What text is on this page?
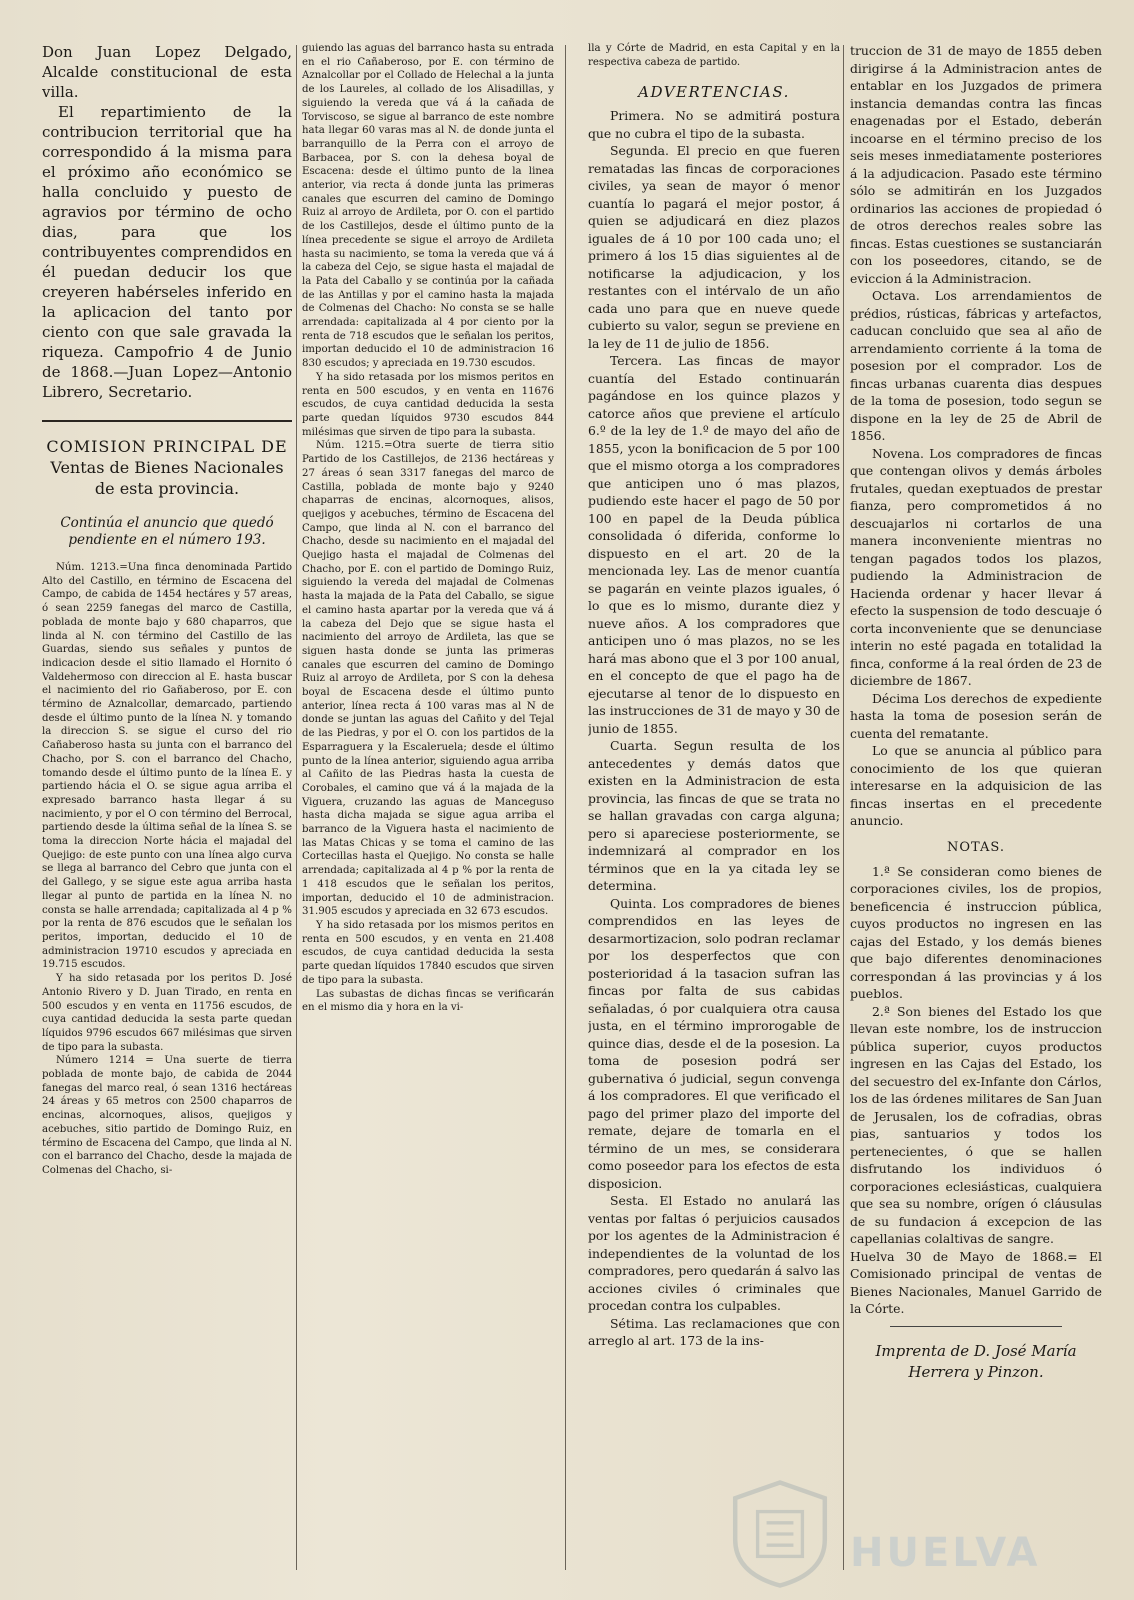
Don Juan Lopez Delgado, Alcalde constitucional de esta villa.

El repartimiento de la contribucion territorial que ha correspondido á la misma para el próximo año económico se halla concluido y puesto de agravios por término de ocho dias, para que los contribuyentes comprendidos en él puedan deducir los que creyeren habérseles inferido en la aplicacion del tanto por ciento con que sale gravada la riqueza. Campofrio 4 de Junio de 1868.—Juan Lopez—Antonio Librero, Secretario.

COMISION PRINCIPAL DE

Ventas de Bienes Nacionales

de esta provincia.

Continúa el anuncio que quedó pendiente en el número 193.

Núm. 1213.=Una finca denominada Partido Alto del Castillo, en término de Escacena del Campo, de cabida de 1454 hectáres y 57 areas, ó sean 2259 fanegas del marco de Castilla, poblada de monte bajo y 680 chaparros, que linda al N. con término del Castillo de las Guardas, siendo sus señales y puntos de indicacion desde el sitio llamado el Hornito ó Valdehermoso con direccion al E. hasta buscar el nacimiento del rio Gañaberoso, por E. con término de Aznalcollar, demarcado, partiendo desde el último punto de la línea N. y tomando la direccion S. se sigue el curso del rio Cañaberoso hasta su junta con el barranco del Chacho, por S. con el barranco del Chacho, tomando desde el último punto de la línea E. y partiendo hácia el O. se sigue agua arriba el expresado barranco hasta llegar á su nacimiento, y por el O con término del Berrocal, partiendo desde la última señal de la línea S. se toma la direccion Norte hácia el majadal del Quejigo: de este punto con una línea algo curva se llega al barranco del Cebro que junta con el del Gallego, y se sigue este agua arriba hasta llegar al punto de partida en la línea N. no consta se halle arrendada; capitalizada al 4 p % por la renta de 876 escudos que le señalan los peritos, importan, deducido el 10 de administracion 19710 escudos y apreciada en 19.715 escudos.

Y ha sido retasada por los peritos D. José Antonio Rivero y D. Juan Tirado, en renta en 500 escudos y en venta en 11756 escudos, de cuya cantidad deducida la sesta parte quedan líquidos 9796 escudos 667 milésimas que sirven de tipo para la subasta.

Número 1214 = Una suerte de tierra poblada de monte bajo, de cabida de 2044 fanegas del marco real, ó sean 1316 hectáreas 24 áreas y 65 metros con 2500 chaparros de encinas, alcornoques, alisos, quejigos y acebuches, sitio partido de Domingo Ruiz, en término de Escacena del Campo, que linda al N. con el barranco del Chacho, desde la majada de Colmenas del Chacho, si-

guiendo las aguas del barranco hasta su entrada en el rio Cañaberoso, por E. con término de Aznalcollar por el Collado de Helechal a la junta de los Laureles, al collado de los Alisadillas, y siguiendo la vereda que vá á la cañada de Torviscoso, se sigue al barranco de este nombre hata llegar 60 varas mas al N. de donde junta el barranquillo de la Perra con el arroyo de Barbacea, por S. con la dehesa boyal de Escacena: desde el último punto de la linea anterior, via recta á donde junta las primeras canales que escurren del camino de Domingo Ruiz al arroyo de Ardileta, por O. con el partido de los Castillejos, desde el último punto de la línea precedente se sigue el arroyo de Ardileta hasta su nacimiento, se toma la vereda que vá á la cabeza del Cejo, se sigue hasta el majadal de la Pata del Caballo y se continúa por la cañada de las Antillas y por el camino hasta la majada de Colmenas del Chacho: No consta se se halle arrendada: capitalizada al 4 por ciento por la renta de 718 escudos que le señalan los peritos, importan deducido el 10 de administracion 16 830 escudos; y apreciada en 19.730 escudos.

Y ha sido retasada por los mismos peritos en renta en 500 escudos, y en venta en 11676 escudos, de cuya cantidad deducida la sesta parte quedan líquidos 9730 escudos 844 milésimas que sirven de tipo para la subasta.

Núm. 1215.=Otra suerte de tierra sitio Partido de los Castillejos, de 2136 hectáreas y 27 áreas ó sean 3317 fanegas del marco de Castilla, poblada de monte bajo y 9240 chaparras de encinas, alcornoques, alisos, quejigos y acebuches, término de Escacena del Campo, que linda al N. con el barranco del Chacho, desde su nacimiento en el majadal del Quejigo hasta el majadal de Colmenas del Chacho, por E. con el partido de Domingo Ruiz, siguiendo la vereda del majadal de Colmenas hasta la majada de la Pata del Caballo, se sigue el camino hasta apartar por la vereda que vá á la cabeza del Dejo que se sigue hasta el nacimiento del arroyo de Ardileta, las que se siguen hasta donde se junta las primeras canales que escurren del camino de Domingo Ruiz al arroyo de Ardileta, por S con la dehesa boyal de Escacena desde el último punto anterior, línea recta á 100 varas mas al N de donde se juntan las aguas del Cañito y del Tejal de las Piedras, y por el O. con los partidos de la Esparraguera y la Escaleruela; desde el último punto de la línea anterior, siguiendo agua arriba al Cañito de las Piedras hasta la cuesta de Corobales, el camino que vá á la majada de la Viguera, cruzando las aguas de Manceguso hasta dicha majada se sigue agua arriba el barranco de la Viguera hasta el nacimiento de las Matas Chicas y se toma el camino de las Cortecillas hasta el Quejigo. No consta se halle arrendada; capitalizada al 4 p % por la renta de 1 418 escudos que le señalan los peritos, importan, deducido el 10 de administracion. 31.905 escudos y apreciada en 32 673 escudos.

Y ha sido retasada por los mismos peritos en renta en 500 escudos, y en venta en 21.408 escudos, de cuya cantidad deducida la sesta parte quedan líquidos 17840 escudos que sirven de tipo para la subasta.

Las subastas de dichas fincas se verificarán en el mismo dia y hora en la vi-

lla y Córte de Madrid, en esta Capital y en la respectiva cabeza de partido.

ADVERTENCIAS.

Primera. No se admitirá postura que no cubra el tipo de la subasta.

Segunda. El precio en que fueren rematadas las fincas de corporaciones civiles, ya sean de mayor ó menor cuantía lo pagará el mejor postor, á quien se adjudicará en diez plazos iguales de á 10 por 100 cada uno; el primero á los 15 dias siguientes al de notificarse la adjudicacion, y los restantes con el intérvalo de un año cada uno para que en nueve quede cubierto su valor, segun se previene en la ley de 11 de julio de 1856.

Tercera. Las fincas de mayor cuantía del Estado continuarán pagándose en los quince plazos y catorce años que previene el artículo 6.º de la ley de 1.º de mayo del año de 1855, ycon la bonificacion de 5 por 100 que el mismo otorga a los compradores que anticipen uno ó mas plazos, pudiendo este hacer el pago de 50 por 100 en papel de la Deuda pública consolidada ó diferida, conforme lo dispuesto en el art. 20 de la mencionada ley. Las de menor cuantía se pagarán en veinte plazos iguales, ó lo que es lo mismo, durante diez y nueve años. A los compradores que anticipen uno ó mas plazos, no se les hará mas abono que el 3 por 100 anual, en el concepto de que el pago ha de ejecutarse al tenor de lo dispuesto en las instrucciones de 31 de mayo y 30 de junio de 1855.

Cuarta. Segun resulta de los antecedentes y demás datos que existen en la Administracion de esta provincia, las fincas de que se trata no se hallan gravadas con carga alguna; pero si apareciese posteriormente, se indemnizará al comprador en los términos que en la ya citada ley se determina.

Quinta. Los compradores de bienes comprendidos en las leyes de desarmortizacion, solo podran reclamar por los desperfectos que con posterioridad á la tasacion sufran las fincas por falta de sus cabidas señaladas, ó por cualquiera otra causa justa, en el término improrogable de quince dias, desde el de la posesion. La toma de posesion podrá ser gubernativa ó judicial, segun convenga á los compradores. El que verificado el pago del primer plazo del importe del remate, dejare de tomarla en el término de un mes, se considerara como poseedor para los efectos de esta disposicion.

Sesta. El Estado no anulará las ventas por faltas ó perjuicios causados por los agentes de la Administracion é independientes de la voluntad de los compradores, pero quedarán á salvo las acciones civiles ó criminales que procedan contra los culpables.

Sétima. Las reclamaciones que con arreglo al art. 173 de la ins-

truccion de 31 de mayo de 1855 deben dirigirse á la Administracion antes de entablar en los Juzgados de primera instancia demandas contra las fincas enagenadas por el Estado, deberán incoarse en el término preciso de los seis meses inmediatamente posteriores á la adjudicacion. Pasado este término sólo se admitirán en los Juzgados ordinarios las acciones de propiedad ó de otros derechos reales sobre las fincas. Estas cuestiones se sustanciarán con los poseedores, citando, se de eviccion á la Administracion.

Octava. Los arrendamientos de prédios, rústicas, fábricas y artefactos, caducan concluido que sea al año de arrendamiento corriente á la toma de posesion por el comprador. Los de fincas urbanas cuarenta dias despues de la toma de posesion, todo segun se dispone en la ley de 25 de Abril de 1856.

Novena. Los compradores de fincas que contengan olivos y demás árboles frutales, quedan exeptuados de prestar fianza, pero comprometidos á no descuajarlos ni cortarlos de una manera inconveniente mientras no tengan pagados todos los plazos, pudiendo la Administracion de Hacienda ordenar y hacer llevar á efecto la suspension de todo descuaje ó corta inconveniente que se denunciase interin no esté pagada en totalidad la finca, conforme á la real órden de 23 de diciembre de 1867.

Décima Los derechos de expediente hasta la toma de posesion serán de cuenta del rematante.

Lo que se anuncia al público para conocimiento de los que quieran interesarse en la adquisicion de las fincas insertas en el precedente anuncio.

NOTAS.

1.ª Se consideran como bienes de corporaciones civiles, los de propios, beneficencia é instruccion pública, cuyos productos no ingresen en las cajas del Estado, y los demás bienes que bajo diferentes denominaciones correspondan á las provincias y á los pueblos.

2.ª Son bienes del Estado los que llevan este nombre, los de instruccion pública superior, cuyos productos ingresen en las Cajas del Estado, los del secuestro del ex-Infante don Cárlos, los de las órdenes militares de San Juan de Jerusalen, los de cofradias, obras pias, santuarios y todos los pertenecientes, ó que se hallen disfrutando los individuos ó corporaciones eclesiásticas, cualquiera que sea su nombre, orígen ó cláusulas de su fundacion á excepcion de las capellanias colaltivas de sangre.

Huelva 30 de Mayo de 1868.= El Comisionado principal de ventas de Bienes Nacionales, Manuel Garrido de la Córte.

Imprenta de D. José María

Herrera y Pinzon.

HUELVA
